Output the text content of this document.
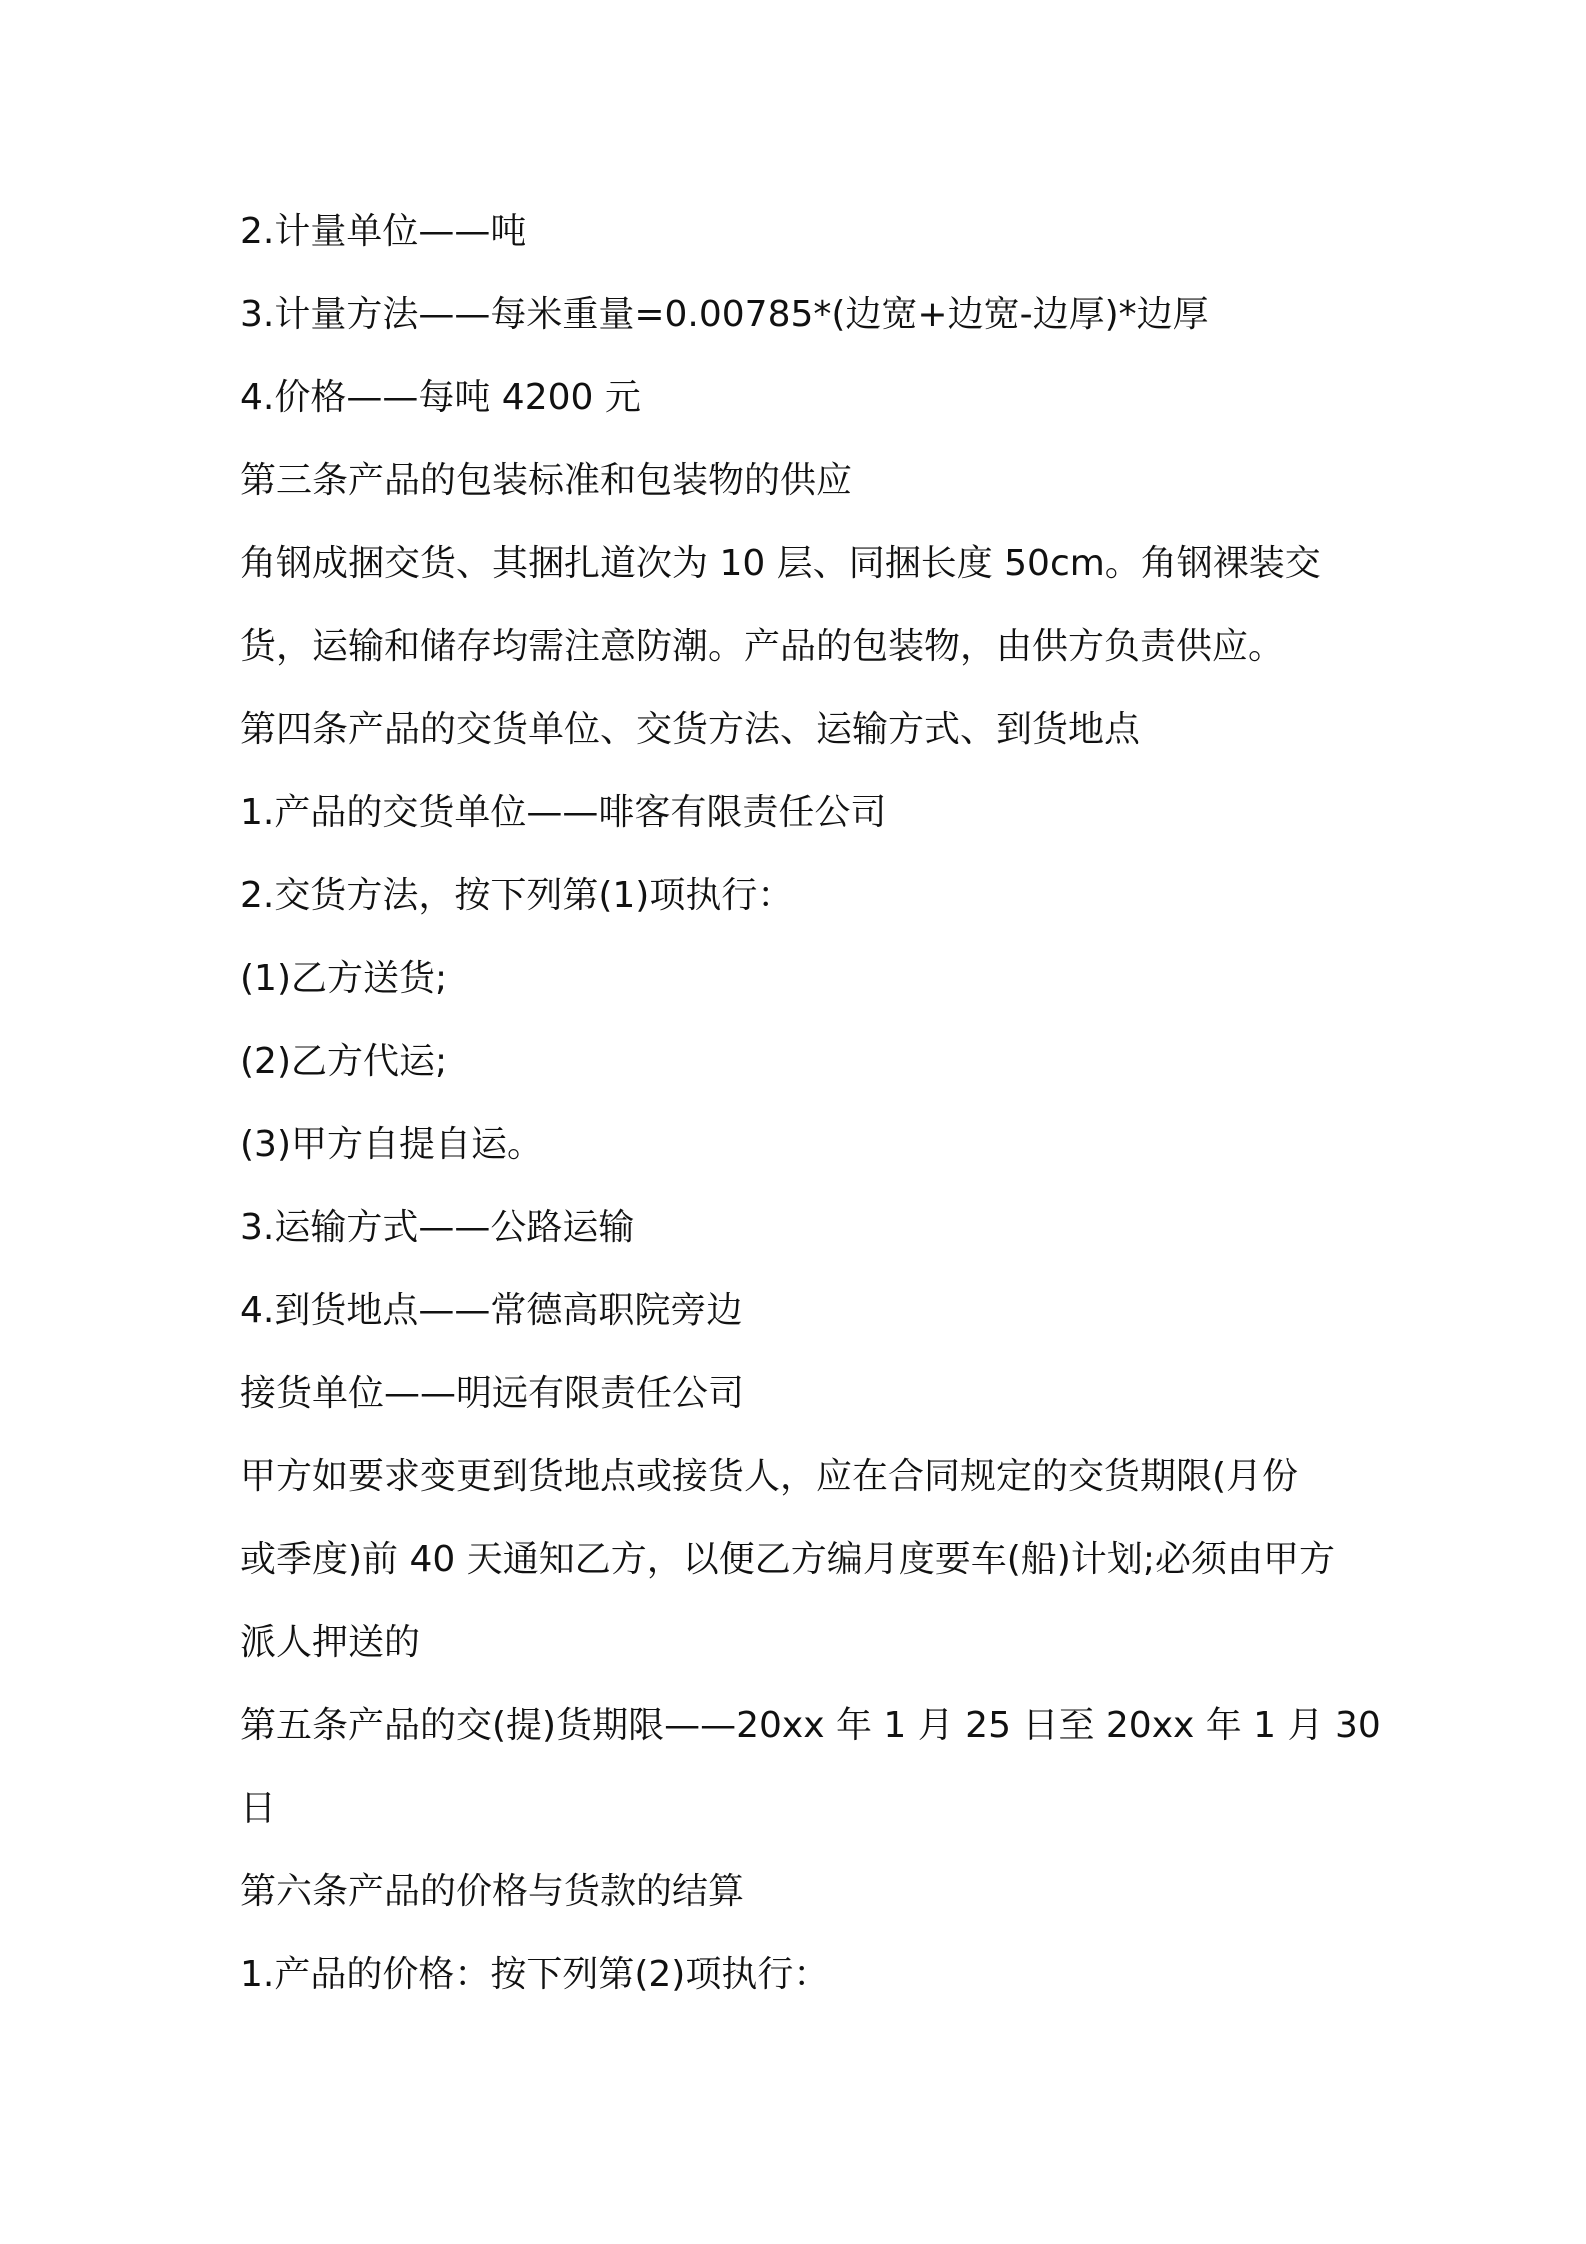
2.计量单位——吨
3.计量方法——每米重量=0.00785*(边宽+边宽-边厚)*边厚
4.价格——每吨 4200 元
第三条产品的包装标准和包装物的供应
角钢成捆交货、其捆扎道次为 10 层、同捆长度 50cm。角钢裸装交
货，运输和储存均需注意防潮。产品的包装物，由供方负责供应。
第四条产品的交货单位、交货方法、运输方式、到货地点
1.产品的交货单位——啡客有限责任公司
2.交货方法，按下列第(1)项执行：
(1)乙方送货;
(2)乙方代运;
(3)甲方自提自运。
3.运输方式——公路运输
4.到货地点——常德高职院旁边
接货单位——明远有限责任公司
甲方如要求变更到货地点或接货人，应在合同规定的交货期限(月份
或季度)前 40 天通知乙方，以便乙方编月度要车(船)计划;必须由甲方
派人押送的
第五条产品的交(提)货期限——20xx 年 1 月 25 日至 20xx 年 1 月 30
日
第六条产品的价格与货款的结算
1.产品的价格：按下列第(2)项执行：
